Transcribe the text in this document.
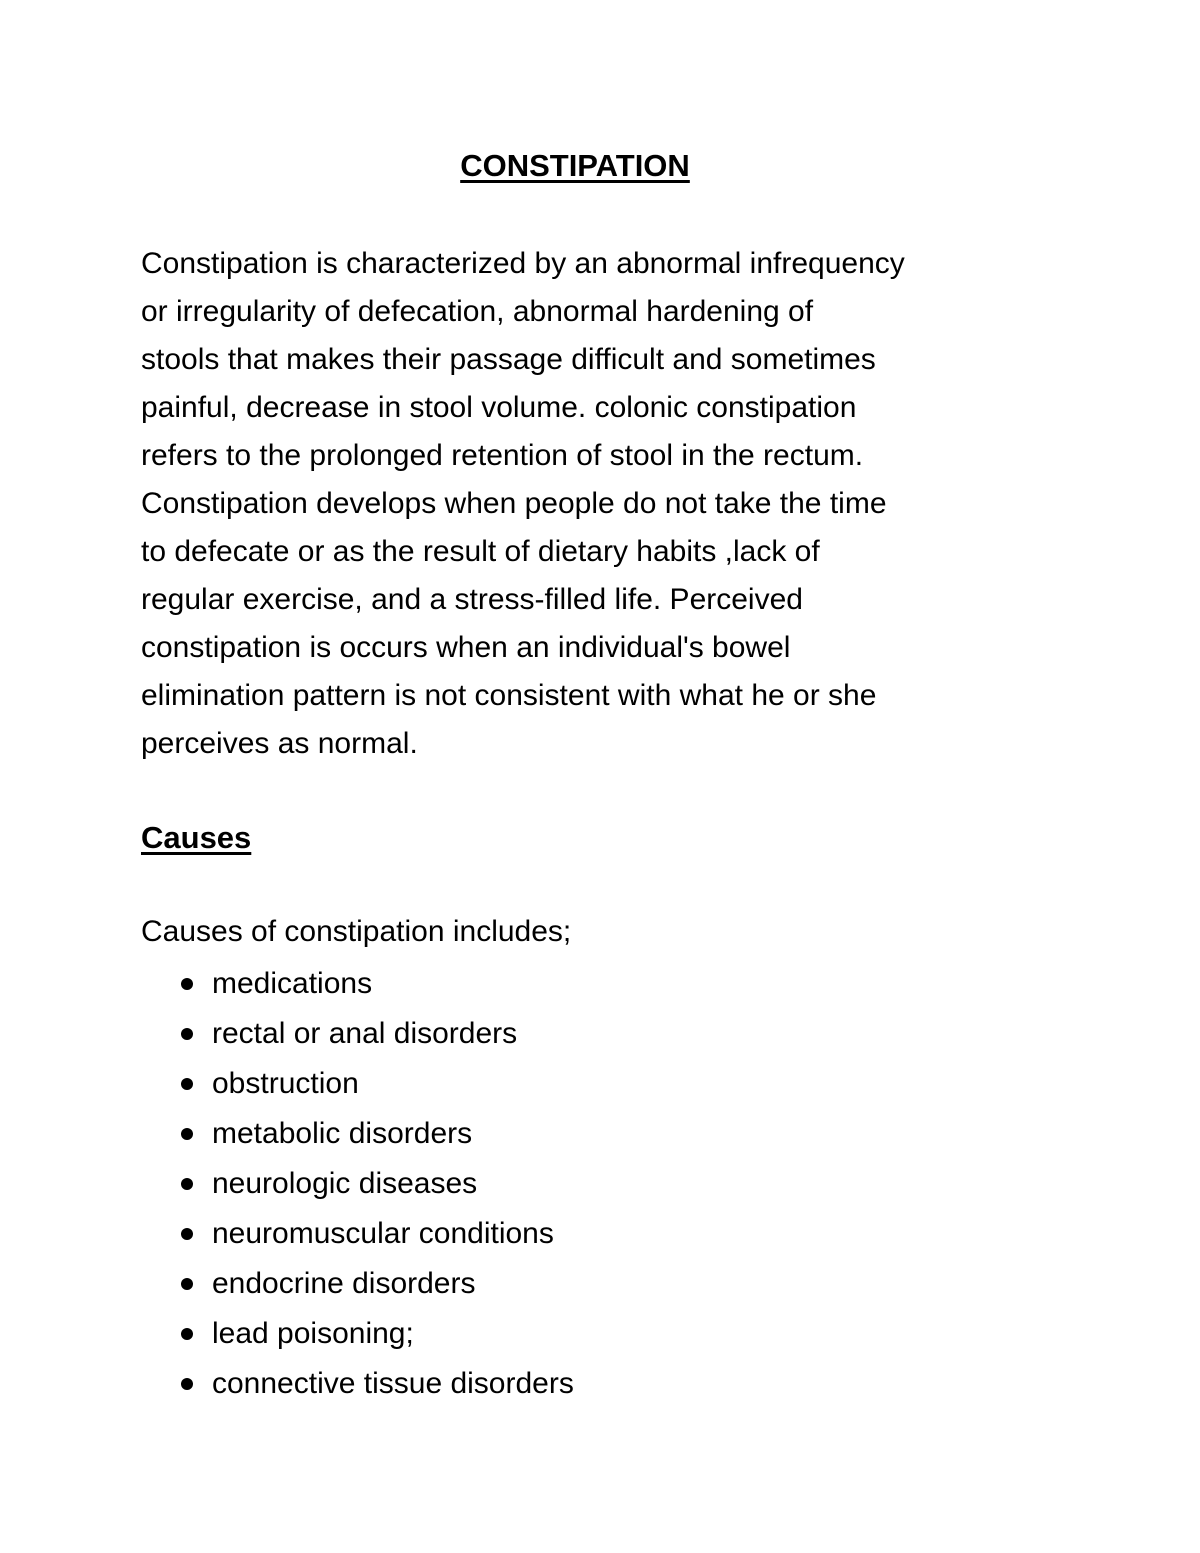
CONSTIPATION

Constipation is characterized by an abnormal infrequency
or irregularity of defecation, abnormal hardening of
stools that makes their passage difficult and sometimes
painful, decrease in stool volume. colonic constipation
refers to the prolonged retention of stool in the rectum.
Constipation develops when people do not take the time
to defecate or as the result of dietary habits ,lack of
regular exercise, and a stress-filled life. Perceived
constipation is occurs when an individual's bowel
elimination pattern is not consistent with what he or she
perceives as normal.

Causes

Causes of constipation includes;

medications
rectal or anal disorders
obstruction
metabolic disorders
neurologic diseases
neuromuscular conditions
endocrine disorders
lead poisoning;
connective tissue disorders
